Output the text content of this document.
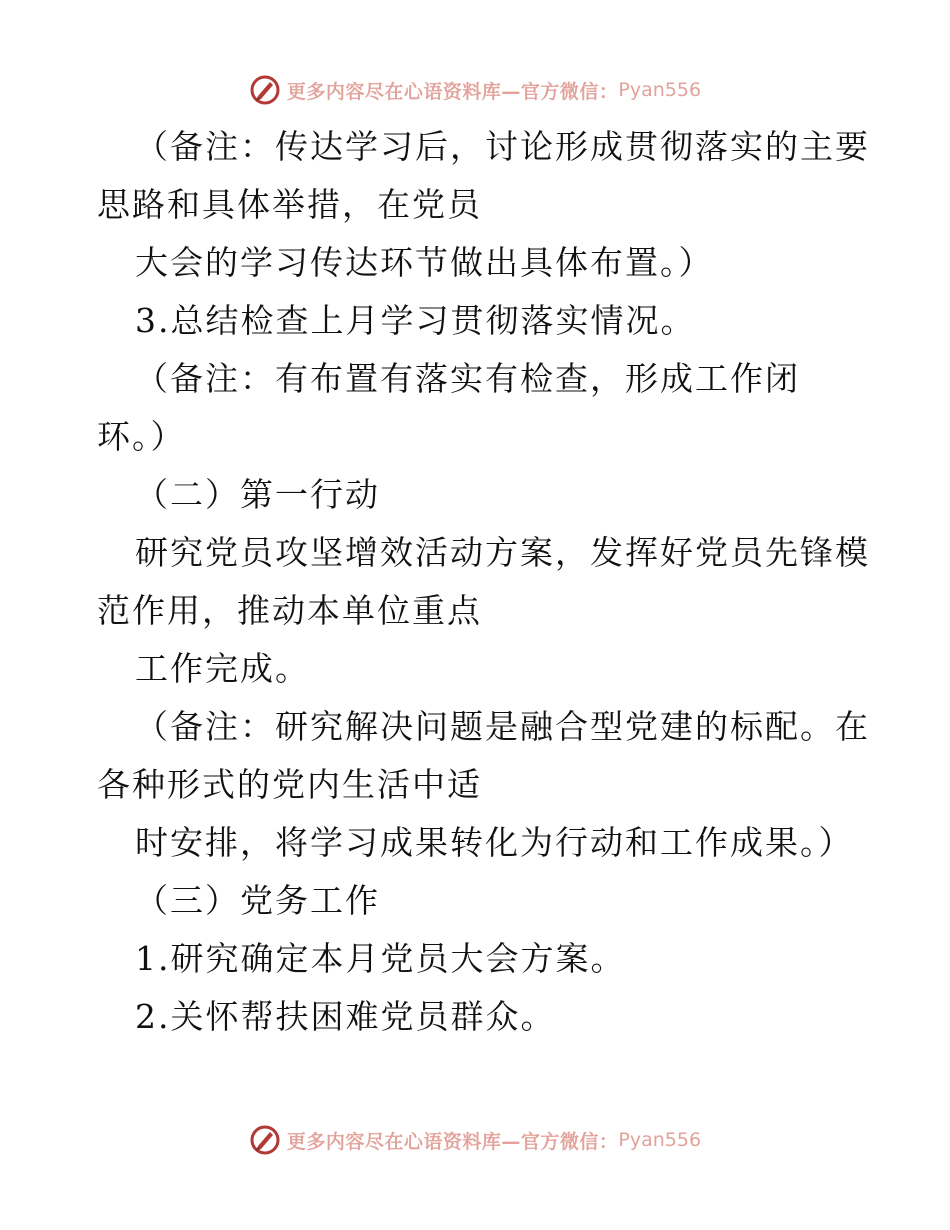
更多内容尽在心语资料库—官方微信： Pyan556
（备注：传达学习后，讨论形成贯彻落实的主要
思路和具体举措，在党员
大会的学习传达环节做出具体布置。）
3.总结检查上月学习贯彻落实情况。
（备注：有布置有落实有检查，形成工作闭
环。）
（二）第一行动
研究党员攻坚增效活动方案，发挥好党员先锋模
范作用，推动本单位重点
工作完成。
（备注：研究解决问题是融合型党建的标配。在
各种形式的党内生活中适
时安排，将学习成果转化为行动和工作成果。）
（三）党务工作
1.研究确定本月党员大会方案。
2.关怀帮扶困难党员群众。
更多内容尽在心语资料库—官方微信： Pyan556
